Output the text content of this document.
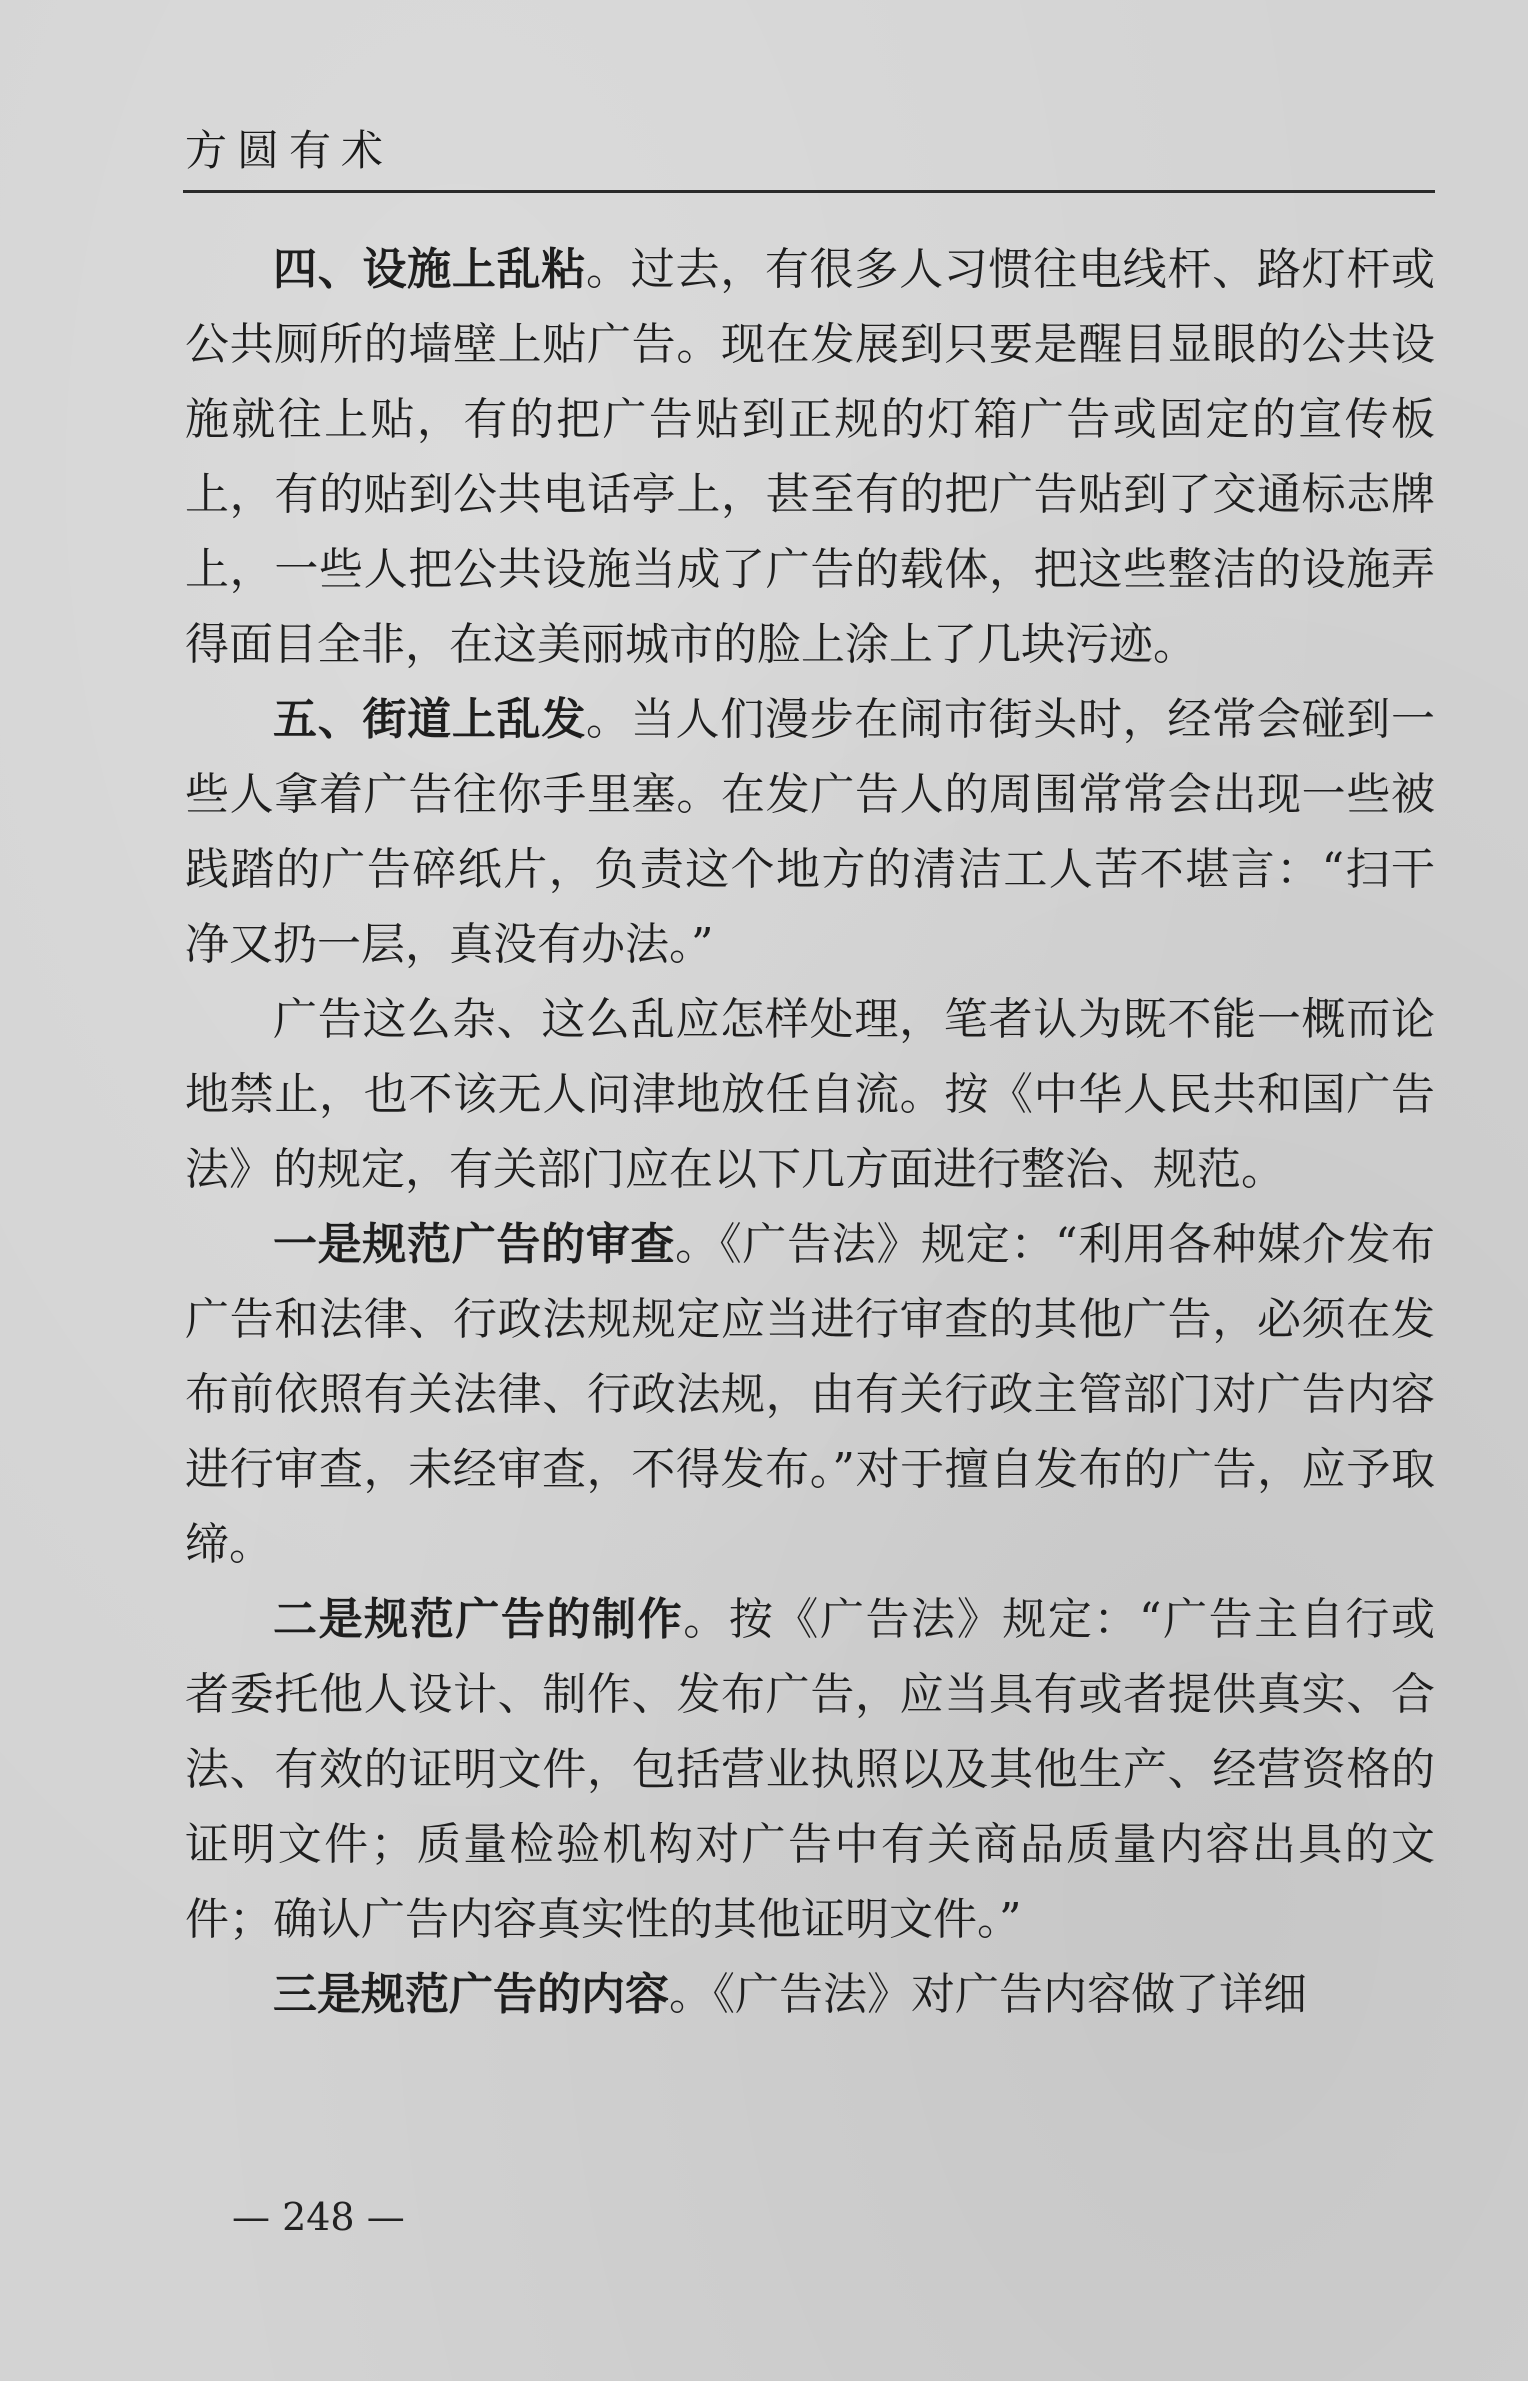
方圆有术

四、设施上乱粘。过去，有很多人习惯往电线杆、路灯杆或公共厕所的墙壁上贴广告。现在发展到只要是醒目显眼的公共设施就往上贴，有的把广告贴到正规的灯箱广告或固定的宣传板上，有的贴到公共电话亭上，甚至有的把广告贴到了交通标志牌上，一些人把公共设施当成了广告的载体，把这些整洁的设施弄得面目全非，在这美丽城市的脸上涂上了几块污迹。

五、街道上乱发。当人们漫步在闹市街头时，经常会碰到一些人拿着广告往你手里塞。在发广告人的周围常常会出现一些被践踏的广告碎纸片，负责这个地方的清洁工人苦不堪言：“扫干净又扔一层，真没有办法。”

广告这么杂、这么乱应怎样处理，笔者认为既不能一概而论地禁止，也不该无人问津地放任自流。按《中华人民共和国广告法》的规定，有关部门应在以下几方面进行整治、规范。

一是规范广告的审查。《广告法》规定：“利用各种媒介发布广告和法律、行政法规规定应当进行审查的其他广告，必须在发布前依照有关法律、行政法规，由有关行政主管部门对广告内容进行审查，未经审查，不得发布。”对于擅自发布的广告，应予取缔。

二是规范广告的制作。按《广告法》规定：“广告主自行或者委托他人设计、制作、发布广告，应当具有或者提供真实、合法、有效的证明文件，包括营业执照以及其他生产、经营资格的证明文件；质量检验机构对广告中有关商品质量内容出具的文件；确认广告内容真实性的其他证明文件。”

三是规范广告的内容。《广告法》对广告内容做了详细

— 248 —
